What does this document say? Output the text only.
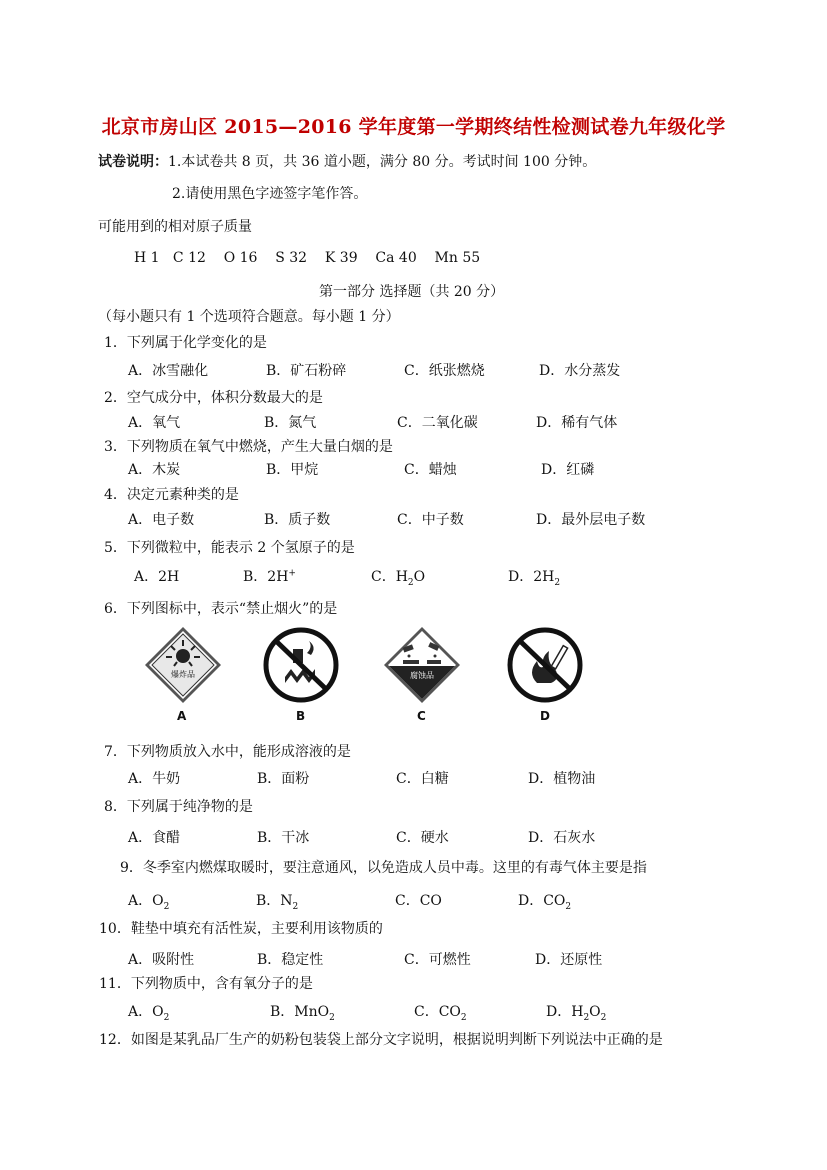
北京市房山区 2015—2016 学年度第一学期终结性检测试卷九年级化学
试卷说明：1.本试卷共 8 页，共 36 道小题，满分 80 分。考试时间 100 分钟。
2.请使用黑色字迹签字笔作答。
可能用到的相对原子质量
H 1   C 12    O 16    S 32    K 39    Ca 40    Mn 55
第一部分 选择题（共 20 分）
（每小题只有 1 个选项符合题意。每小题 1 分）
1．下列属于化学变化的是
A．冰雪融化	B．矿石粉碎	C．纸张燃烧	D．水分蒸发
2．空气成分中，体积分数最大的是
A．氧气	B．氮气	C．二氧化碳	D．稀有气体
3．下列物质在氧气中燃烧，产生大量白烟的是
A．木炭	B．甲烷	C．蜡烛	D．红磷
4．决定元素种类的是
A．电子数	B．质子数	C．中子数	D．最外层电子数
5．下列微粒中，能表示 2 个氢原子的是
A．2H	B．2H+	C．$H_2O$	D．$2H_2$
6．下列图标中，表示“禁止烟火”的是
爆炸品	腐蚀品
A	B	C	D
7．下列物质放入水中，能形成溶液的是
A．牛奶	B．面粉	C．白糖	D．植物油
8．下列属于纯净物的是
A．食醋	B．干冰	C．硬水	D．石灰水
9．冬季室内燃煤取暖时，要注意通风，以免造成人员中毒。这里的有毒气体主要是指
A．$O_2$	B．$N_2$	C．CO	D．$CO_2$
10．鞋垫中填充有活性炭，主要利用该物质的
A．吸附性	B．稳定性	C．可燃性	D．还原性
11．下列物质中，含有氧分子的是
A．$O_2$	B．MnO$_2$	C．$CO_2$	D．$H_2O_2$
12．如图是某乳品厂生产的奶粉包装袋上部分文字说明，根据说明判断下列说法中正确的是
